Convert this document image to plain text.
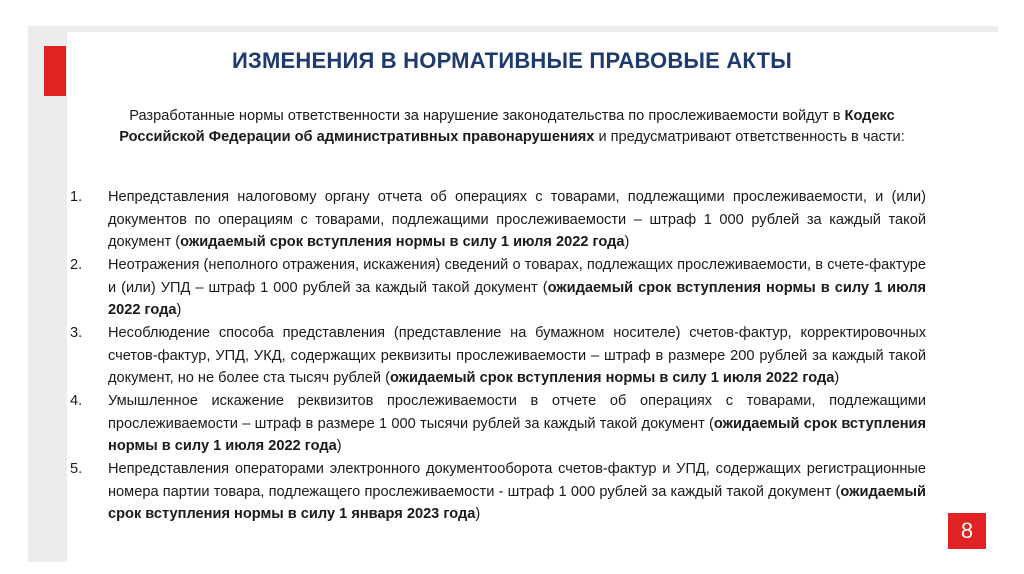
ИЗМЕНЕНИЯ В НОРМАТИВНЫЕ ПРАВОВЫЕ АКТЫ
Разработанные нормы ответственности за нарушение законодательства по прослеживаемости войдут в Кодекс Российской Федерации об административных правонарушениях и предусматривают ответственность в части:
1. Непредставления налоговому органу отчета об операциях с товарами, подлежащими прослеживаемости, и (или) документов по операциям с товарами, подлежащими прослеживаемости – штраф 1 000 рублей за каждый такой документ (ожидаемый срок вступления нормы в силу 1 июля 2022 года)
2. Неотражения (неполного отражения, искажения) сведений о товарах, подлежащих прослеживаемости, в счете-фактуре и (или) УПД – штраф 1 000 рублей за каждый такой документ (ожидаемый срок вступления нормы в силу 1 июля 2022 года)
3. Несоблюдение способа представления (представление на бумажном носителе) счетов-фактур, корректировочных счетов-фактур, УПД, УКД, содержащих реквизиты прослеживаемости – штраф в размере 200 рублей за каждый такой документ, но не более ста тысяч рублей (ожидаемый срок вступления нормы в силу 1 июля 2022 года)
4. Умышленное искажение реквизитов прослеживаемости в отчете об операциях с товарами, подлежащими прослеживаемости – штраф в размере 1 000 тысячи рублей за каждый такой документ (ожидаемый срок вступления нормы в силу 1 июля 2022 года)
5. Непредставления операторами электронного документооборота счетов-фактур и УПД, содержащих регистрационные номера партии товара, подлежащего прослеживаемости - штраф 1 000 рублей за каждый такой документ (ожидаемый срок вступления нормы в силу 1 января 2023 года)
8
